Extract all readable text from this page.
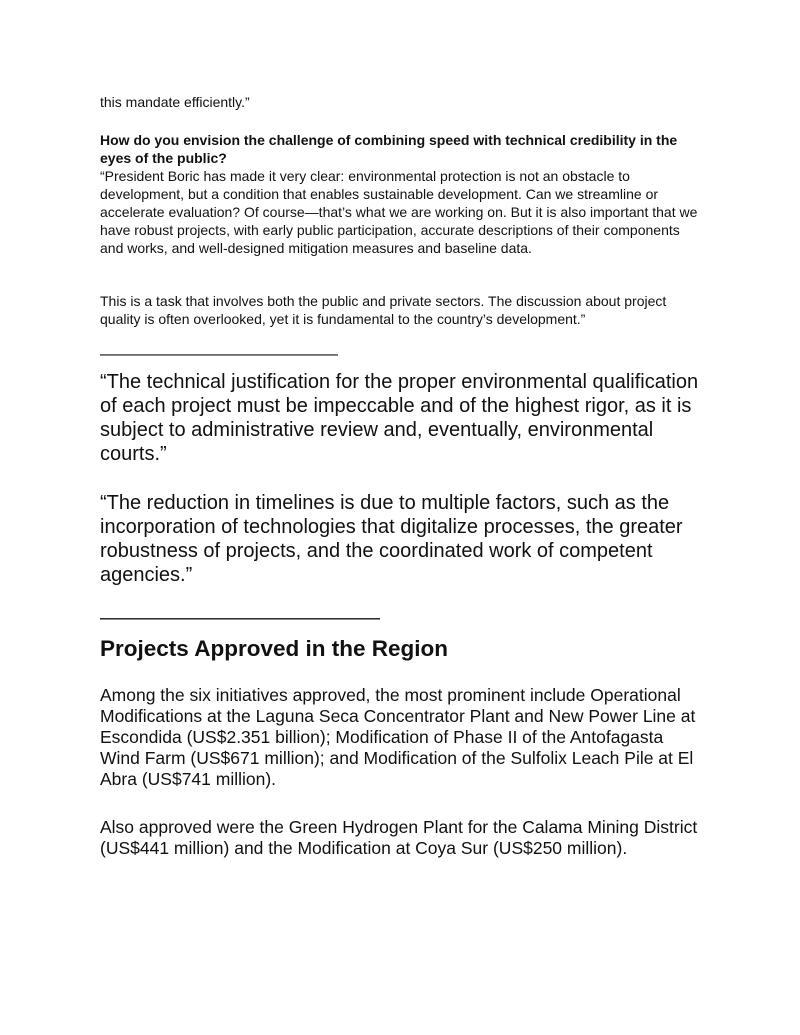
this mandate efficiently.”

How do you envision the challenge of combining speed with technical credibility in the eyes of the public?

“President Boric has made it very clear: environmental protection is not an obstacle to development, but a condition that enables sustainable development. Can we streamline or accelerate evaluation? Of course—that’s what we are working on. But it is also important that we have robust projects, with early public participation, accurate descriptions of their components and works, and well-designed mitigation measures and baseline data.

This is a task that involves both the public and private sectors. The discussion about project quality is often overlooked, yet it is fundamental to the country’s development.”

——————————————

“The technical justification for the proper environmental qualification of each project must be impeccable and of the highest rigor, as it is subject to administrative review and, eventually, environmental courts.”

“The reduction in timelines is due to multiple factors, such as the incorporation of technologies that digitalize processes, the greater robustness of projects, and the coordinated work of competent agencies.”

——————————————
Projects Approved in the Region

Among the six initiatives approved, the most prominent include Operational Modifications at the Laguna Seca Concentrator Plant and New Power Line at Escondida (US$2.351 billion); Modification of Phase II of the Antofagasta Wind Farm (US$671 million); and Modification of the Sulfolix Leach Pile at El Abra (US$741 million).

Also approved were the Green Hydrogen Plant for the Calama Mining District (US$441 million) and the Modification at Coya Sur (US$250 million).
